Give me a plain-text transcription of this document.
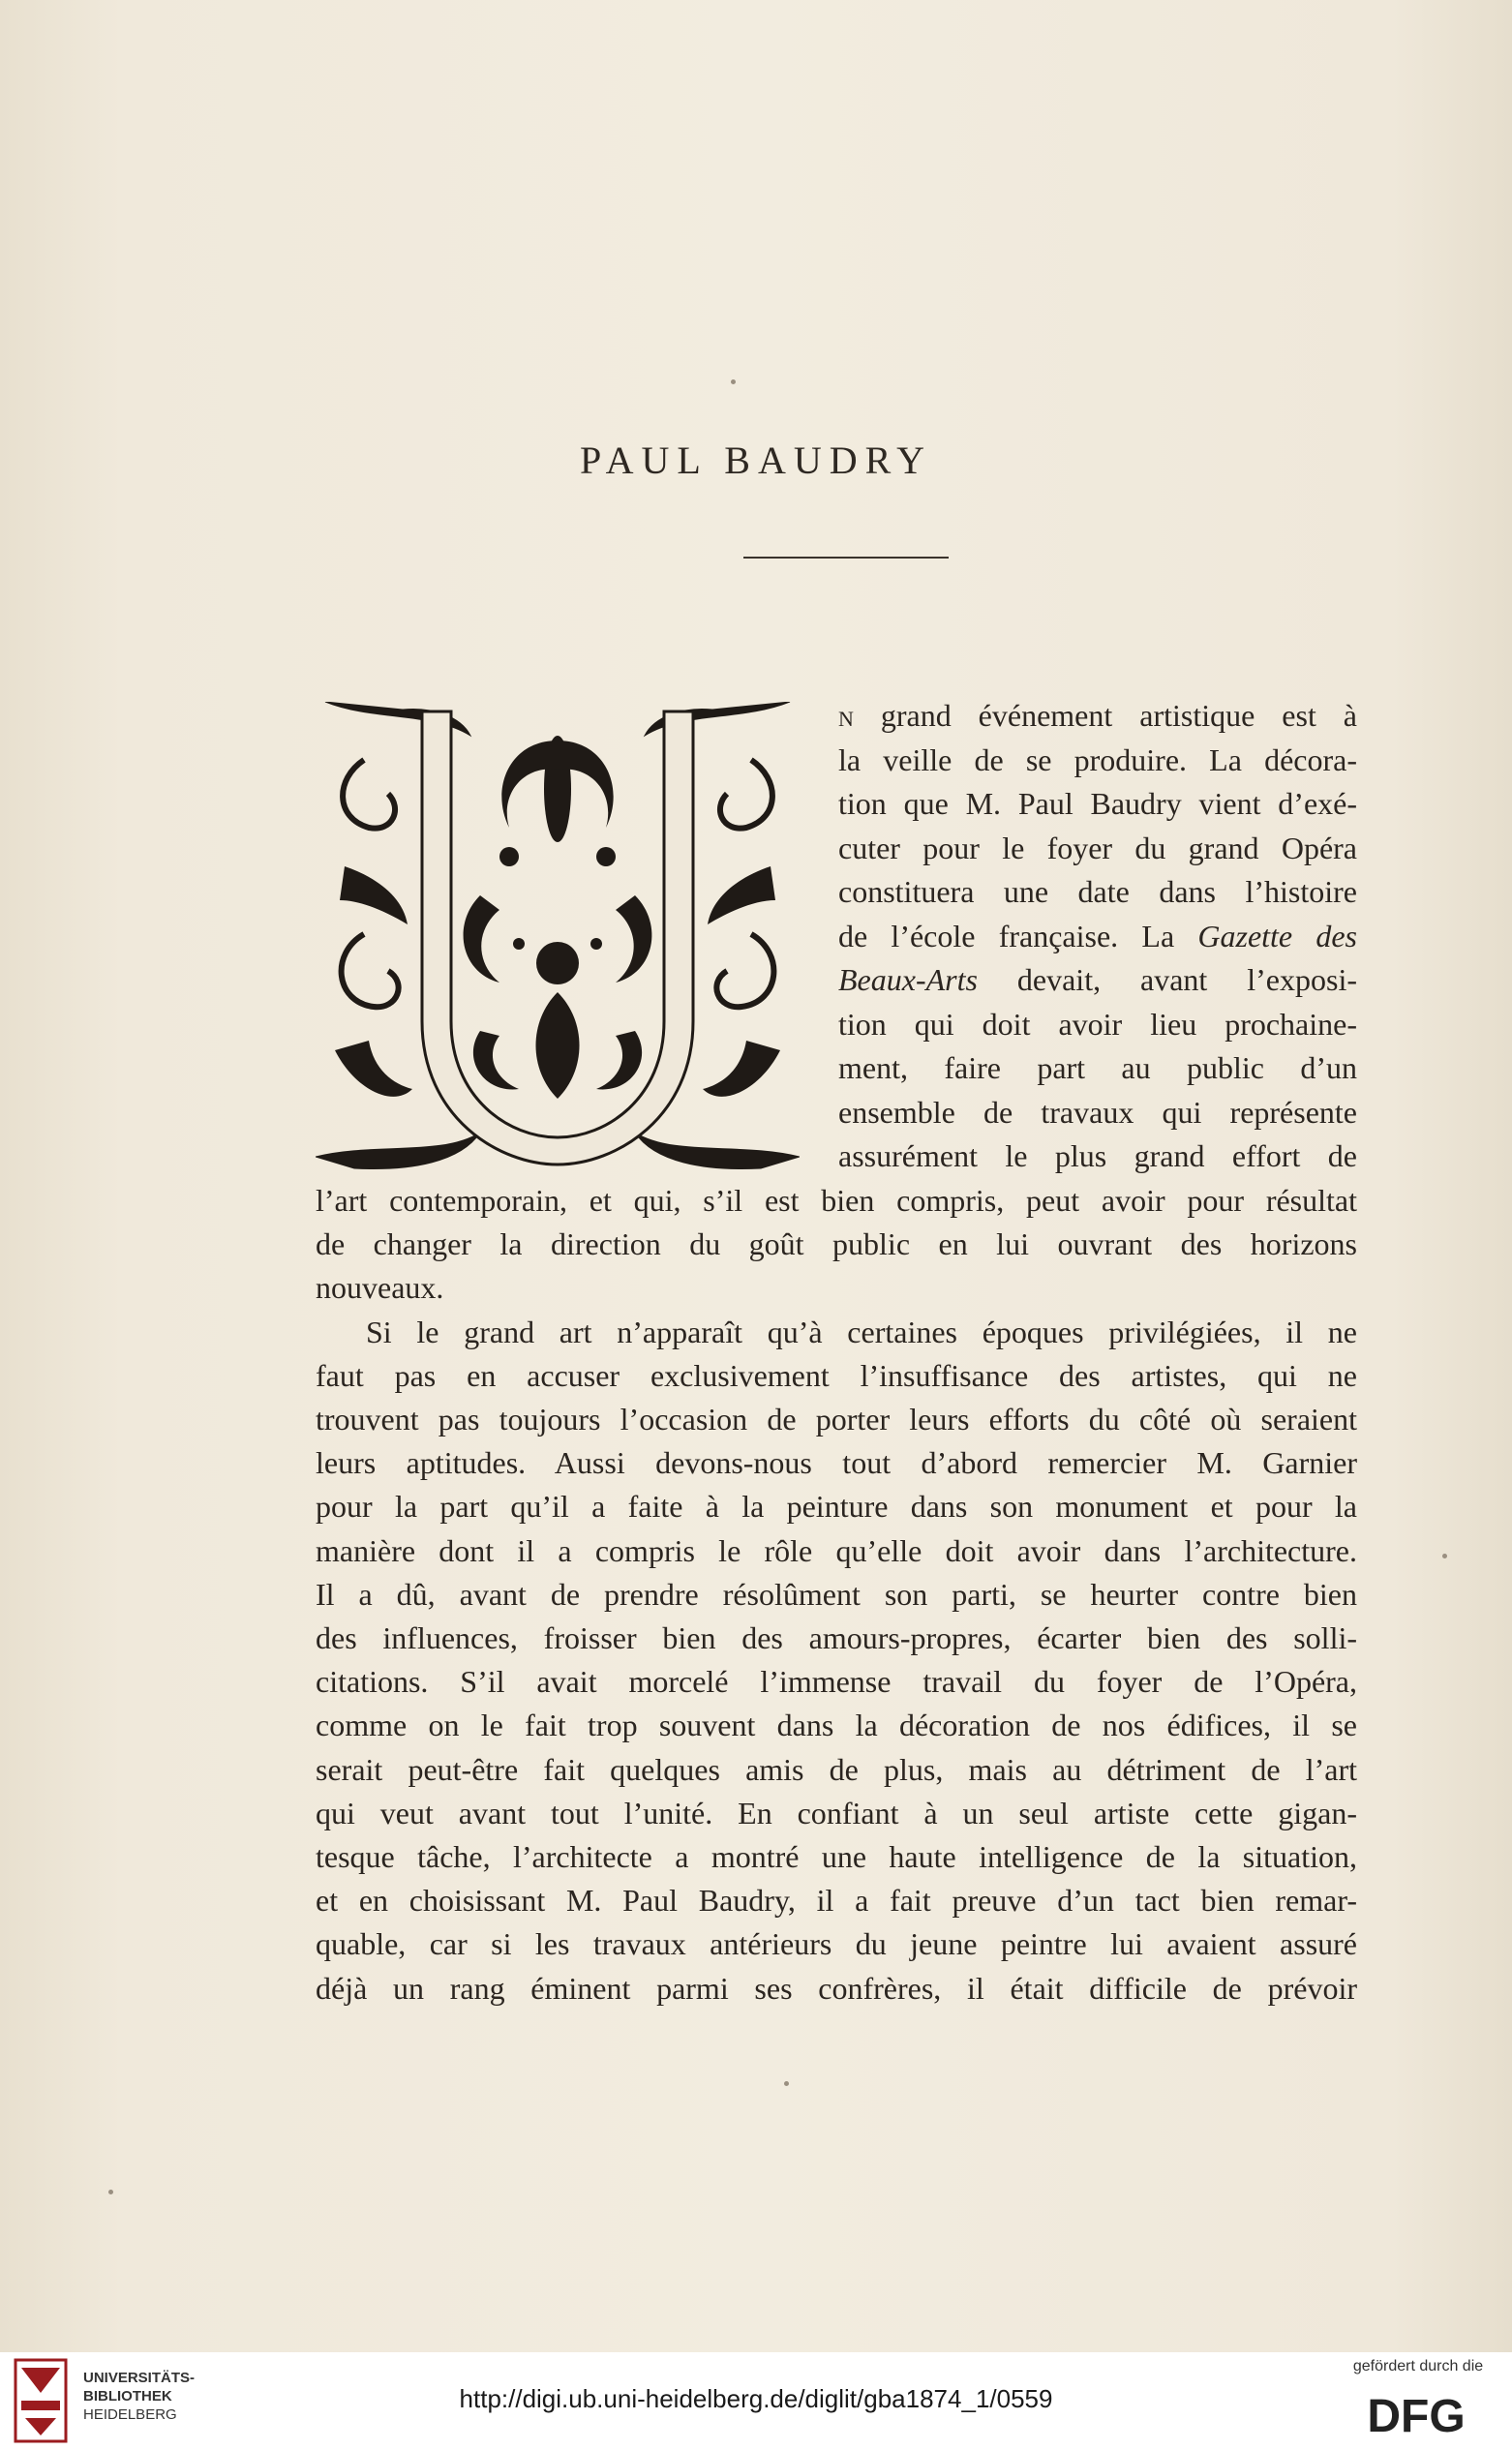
PAUL BAUDRY
n grand événement artistique est à
la veille de se produire. La décora-
tion que M. Paul Baudry vient d’exé-
cuter pour le foyer du grand Opéra
constituera une date dans l’histoire
de l’école française. La Gazette des
Beaux-Arts devait, avant l’exposi-
tion qui doit avoir lieu prochaine-
ment, faire part au public d’un
ensemble de travaux qui représente
assurément le plus grand effort de
l’art contemporain, et qui, s’il est bien compris, peut avoir pour résultat
de changer la direction du goût public en lui ouvrant des horizons
nouveaux.
Si le grand art n’apparaît qu’à certaines époques privilégiées, il ne
faut pas en accuser exclusivement l’insuffisance des artistes, qui ne
trouvent pas toujours l’occasion de porter leurs efforts du côté où seraient
leurs aptitudes. Aussi devons-nous tout d’abord remercier M. Garnier
pour la part qu’il a faite à la peinture dans son monument et pour la
manière dont il a compris le rôle qu’elle doit avoir dans l’architecture.
Il a dû, avant de prendre résolûment son parti, se heurter contre bien
des influences, froisser bien des amours-propres, écarter bien des solli-
citations. S’il avait morcelé l’immense travail du foyer de l’Opéra,
comme on le fait trop souvent dans la décoration de nos édifices, il se
serait peut-être fait quelques amis de plus, mais au détriment de l’art
qui veut avant tout l’unité. En confiant à un seul artiste cette gigan-
tesque tâche, l’architecte a montré une haute intelligence de la situation,
et en choisissant M. Paul Baudry, il a fait preuve d’un tact bien remar-
quable, car si les travaux antérieurs du jeune peintre lui avaient assuré
déjà un rang éminent parmi ses confrères, il était difficile de prévoir
UNIVERSITÄTS-
BIBLIOTHEK
HEIDELBERG
http://digi.ub.uni-heidelberg.de/diglit/gba1874_1/0559
gefördert durch die
DFG
